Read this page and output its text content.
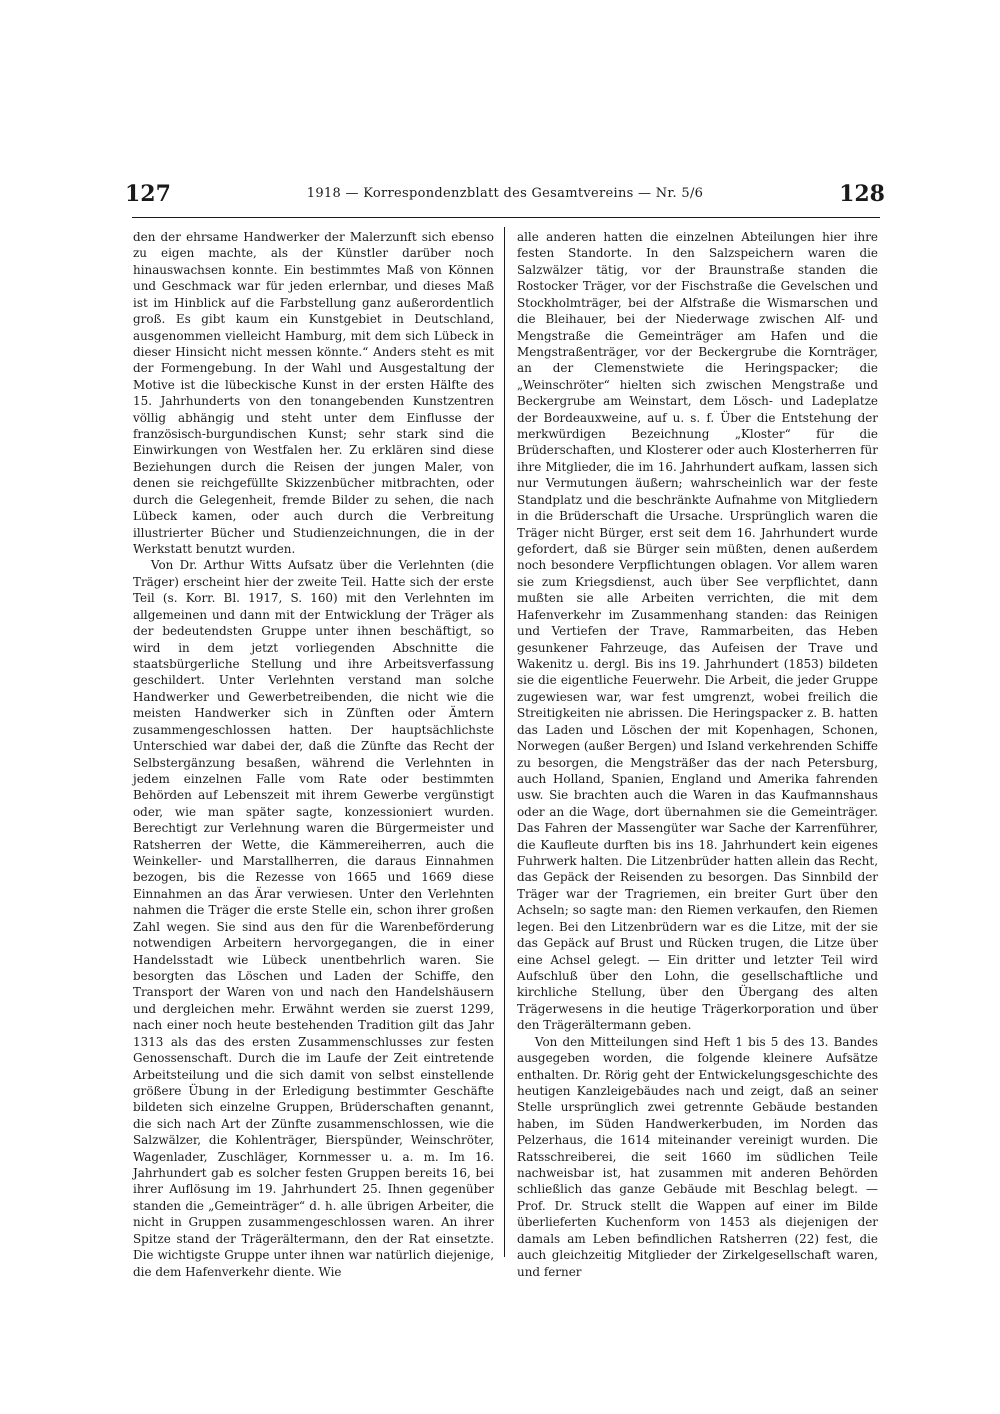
127	1918 — Korrespondenzblatt des Gesamtvereins — Nr. 5/6	128

den der ehrsame Handwerker der Malerzunft sich ebenso zu eigen machte, als der Künstler darüber noch hinauswachsen konnte. Ein bestimmtes Maß von Können und Geschmack war für jeden erlernbar, und dieses Maß ist im Hinblick auf die Farbstellung ganz außerordentlich groß. Es gibt kaum ein Kunstgebiet in Deutschland, ausgenommen vielleicht Hamburg, mit dem sich Lübeck in dieser Hinsicht nicht messen könnte.“ Anders steht es mit der Formengebung. In der Wahl und Ausgestaltung der Motive ist die lübeckische Kunst in der ersten Hälfte des 15. Jahrhunderts von den tonangebenden Kunstzentren völlig abhängig und steht unter dem Einflusse der französisch-burgundischen Kunst; sehr stark sind die Einwirkungen von Westfalen her. Zu erklären sind diese Beziehungen durch die Reisen der jungen Maler, von denen sie reichgefüllte Skizzenbücher mitbrachten, oder durch die Gelegenheit, fremde Bilder zu sehen, die nach Lübeck kamen, oder auch durch die Verbreitung illustrierter Bücher und Studienzeichnungen, die in der Werkstatt benutzt wurden.

Von Dr. Arthur Witts Aufsatz über die Verlehnten (die Träger) erscheint hier der zweite Teil. Hatte sich der erste Teil (s. Korr. Bl. 1917, S. 160) mit den Verlehnten im allgemeinen und dann mit der Entwicklung der Träger als der bedeutendsten Gruppe unter ihnen beschäftigt, so wird in dem jetzt vorliegenden Abschnitte die staatsbürgerliche Stellung und ihre Arbeitsverfassung geschildert. Unter Verlehnten verstand man solche Handwerker und Gewerbetreibenden, die nicht wie die meisten Handwerker sich in Zünften oder Ämtern zusammengeschlossen hatten. Der hauptsächlichste Unterschied war dabei der, daß die Zünfte das Recht der Selbstergänzung besaßen, während die Verlehnten in jedem einzelnen Falle vom Rate oder bestimmten Behörden auf Lebenszeit mit ihrem Gewerbe vergünstigt oder, wie man später sagte, konzessioniert wurden. Berechtigt zur Verlehnung waren die Bürgermeister und Ratsherren der Wette, die Kämmereiherren, auch die Weinkeller- und Marstallherren, die daraus Einnahmen bezogen, bis die Rezesse von 1665 und 1669 diese Einnahmen an das Ärar verwiesen. Unter den Verlehnten nahmen die Träger die erste Stelle ein, schon ihrer großen Zahl wegen. Sie sind aus den für die Warenbeförderung notwendigen Arbeitern hervorgegangen, die in einer Handelsstadt wie Lübeck unentbehrlich waren. Sie besorgten das Löschen und Laden der Schiffe, den Transport der Waren von und nach den Handelshäusern und dergleichen mehr. Erwähnt werden sie zuerst 1299, nach einer noch heute bestehenden Tradition gilt das Jahr 1313 als das des ersten Zusammenschlusses zur festen Genossenschaft. Durch die im Laufe der Zeit eintretende Arbeitsteilung und die sich damit von selbst einstellende größere Übung in der Erledigung bestimmter Geschäfte bildeten sich einzelne Gruppen, Brüderschaften genannt, die sich nach Art der Zünfte zusammenschlossen, wie die Salzwälzer, die Kohlenträger, Bierspünder, Weinschröter, Wagenlader, Zuschläger, Kornmesser u. a. m. Im 16. Jahrhundert gab es solcher festen Gruppen bereits 16, bei ihrer Auflösung im 19. Jahrhundert 25. Ihnen gegenüber standen die „Gemeinträger“ d. h. alle übrigen Arbeiter, die nicht in Gruppen zusammengeschlossen waren. An ihrer Spitze stand der Trägerältermann, den der Rat einsetzte. Die wichtigste Gruppe unter ihnen war natürlich diejenige, die dem Hafenverkehr diente. Wie

alle anderen hatten die einzelnen Abteilungen hier ihre festen Standorte. In den Salzspeichern waren die Salzwälzer tätig, vor der Braunstraße standen die Rostocker Träger, vor der Fischstraße die Gevelschen und Stockholmträger, bei der Alfstraße die Wismarschen und die Bleihauer, bei der Niederwage zwischen Alf- und Mengstraße die Gemeinträger am Hafen und die Mengstraßenträger, vor der Beckergrube die Kornträger, an der Clemenstwiete die Heringspacker; die „Weinschröter“ hielten sich zwischen Mengstraße und Beckergrube am Weinstart, dem Lösch- und Ladeplatze der Bordeauxweine, auf u. s. f. Über die Entstehung der merkwürdigen Bezeichnung „Kloster“ für die Brüderschaften, und Klosterer oder auch Klosterherren für ihre Mitglieder, die im 16. Jahrhundert aufkam, lassen sich nur Vermutungen äußern; wahrscheinlich war der feste Standplatz und die beschränkte Aufnahme von Mitgliedern in die Brüderschaft die Ursache. Ursprünglich waren die Träger nicht Bürger, erst seit dem 16. Jahrhundert wurde gefordert, daß sie Bürger sein müßten, denen außerdem noch besondere Verpflichtungen oblagen. Vor allem waren sie zum Kriegsdienst, auch über See verpflichtet, dann mußten sie alle Arbeiten verrichten, die mit dem Hafenverkehr im Zusammenhang standen: das Reinigen und Vertiefen der Trave, Rammarbeiten, das Heben gesunkener Fahrzeuge, das Aufeisen der Trave und Wakenitz u. dergl. Bis ins 19. Jahrhundert (1853) bildeten sie die eigentliche Feuerwehr. Die Arbeit, die jeder Gruppe zugewiesen war, war fest umgrenzt, wobei freilich die Streitigkeiten nie abrissen. Die Heringspacker z. B. hatten das Laden und Löschen der mit Kopenhagen, Schonen, Norwegen (außer Bergen) und Island verkehrenden Schiffe zu besorgen, die Mengsträßer das der nach Petersburg, auch Holland, Spanien, England und Amerika fahrenden usw. Sie brachten auch die Waren in das Kaufmannshaus oder an die Wage, dort übernahmen sie die Gemeinträger. Das Fahren der Massengüter war Sache der Karrenführer, die Kaufleute durften bis ins 18. Jahrhundert kein eigenes Fuhrwerk halten. Die Litzenbrüder hatten allein das Recht, das Gepäck der Reisenden zu besorgen. Das Sinnbild der Träger war der Tragriemen, ein breiter Gurt über den Achseln; so sagte man: den Riemen verkaufen, den Riemen legen. Bei den Litzenbrüdern war es die Litze, mit der sie das Gepäck auf Brust und Rücken trugen, die Litze über eine Achsel gelegt. — Ein dritter und letzter Teil wird Aufschluß über den Lohn, die gesellschaftliche und kirchliche Stellung, über den Übergang des alten Trägerwesens in die heutige Trägerkorporation und über den Trägerältermann geben.

Von den Mitteilungen sind Heft 1 bis 5 des 13. Bandes ausgegeben worden, die folgende kleinere Aufsätze enthalten. Dr. Rörig geht der Entwickelungsgeschichte des heutigen Kanzleigebäudes nach und zeigt, daß an seiner Stelle ursprünglich zwei getrennte Gebäude bestanden haben, im Süden Handwerkerbuden, im Norden das Pelzerhaus, die 1614 miteinander vereinigt wurden. Die Ratsschreiberei, die seit 1660 im südlichen Teile nachweisbar ist, hat zusammen mit anderen Behörden schließlich das ganze Gebäude mit Beschlag belegt. — Prof. Dr. Struck stellt die Wappen auf einer im Bilde überlieferten Kuchenform von 1453 als diejenigen der damals am Leben befindlichen Ratsherren (22) fest, die auch gleichzeitig Mitglieder der Zirkelgesellschaft waren, und ferner
